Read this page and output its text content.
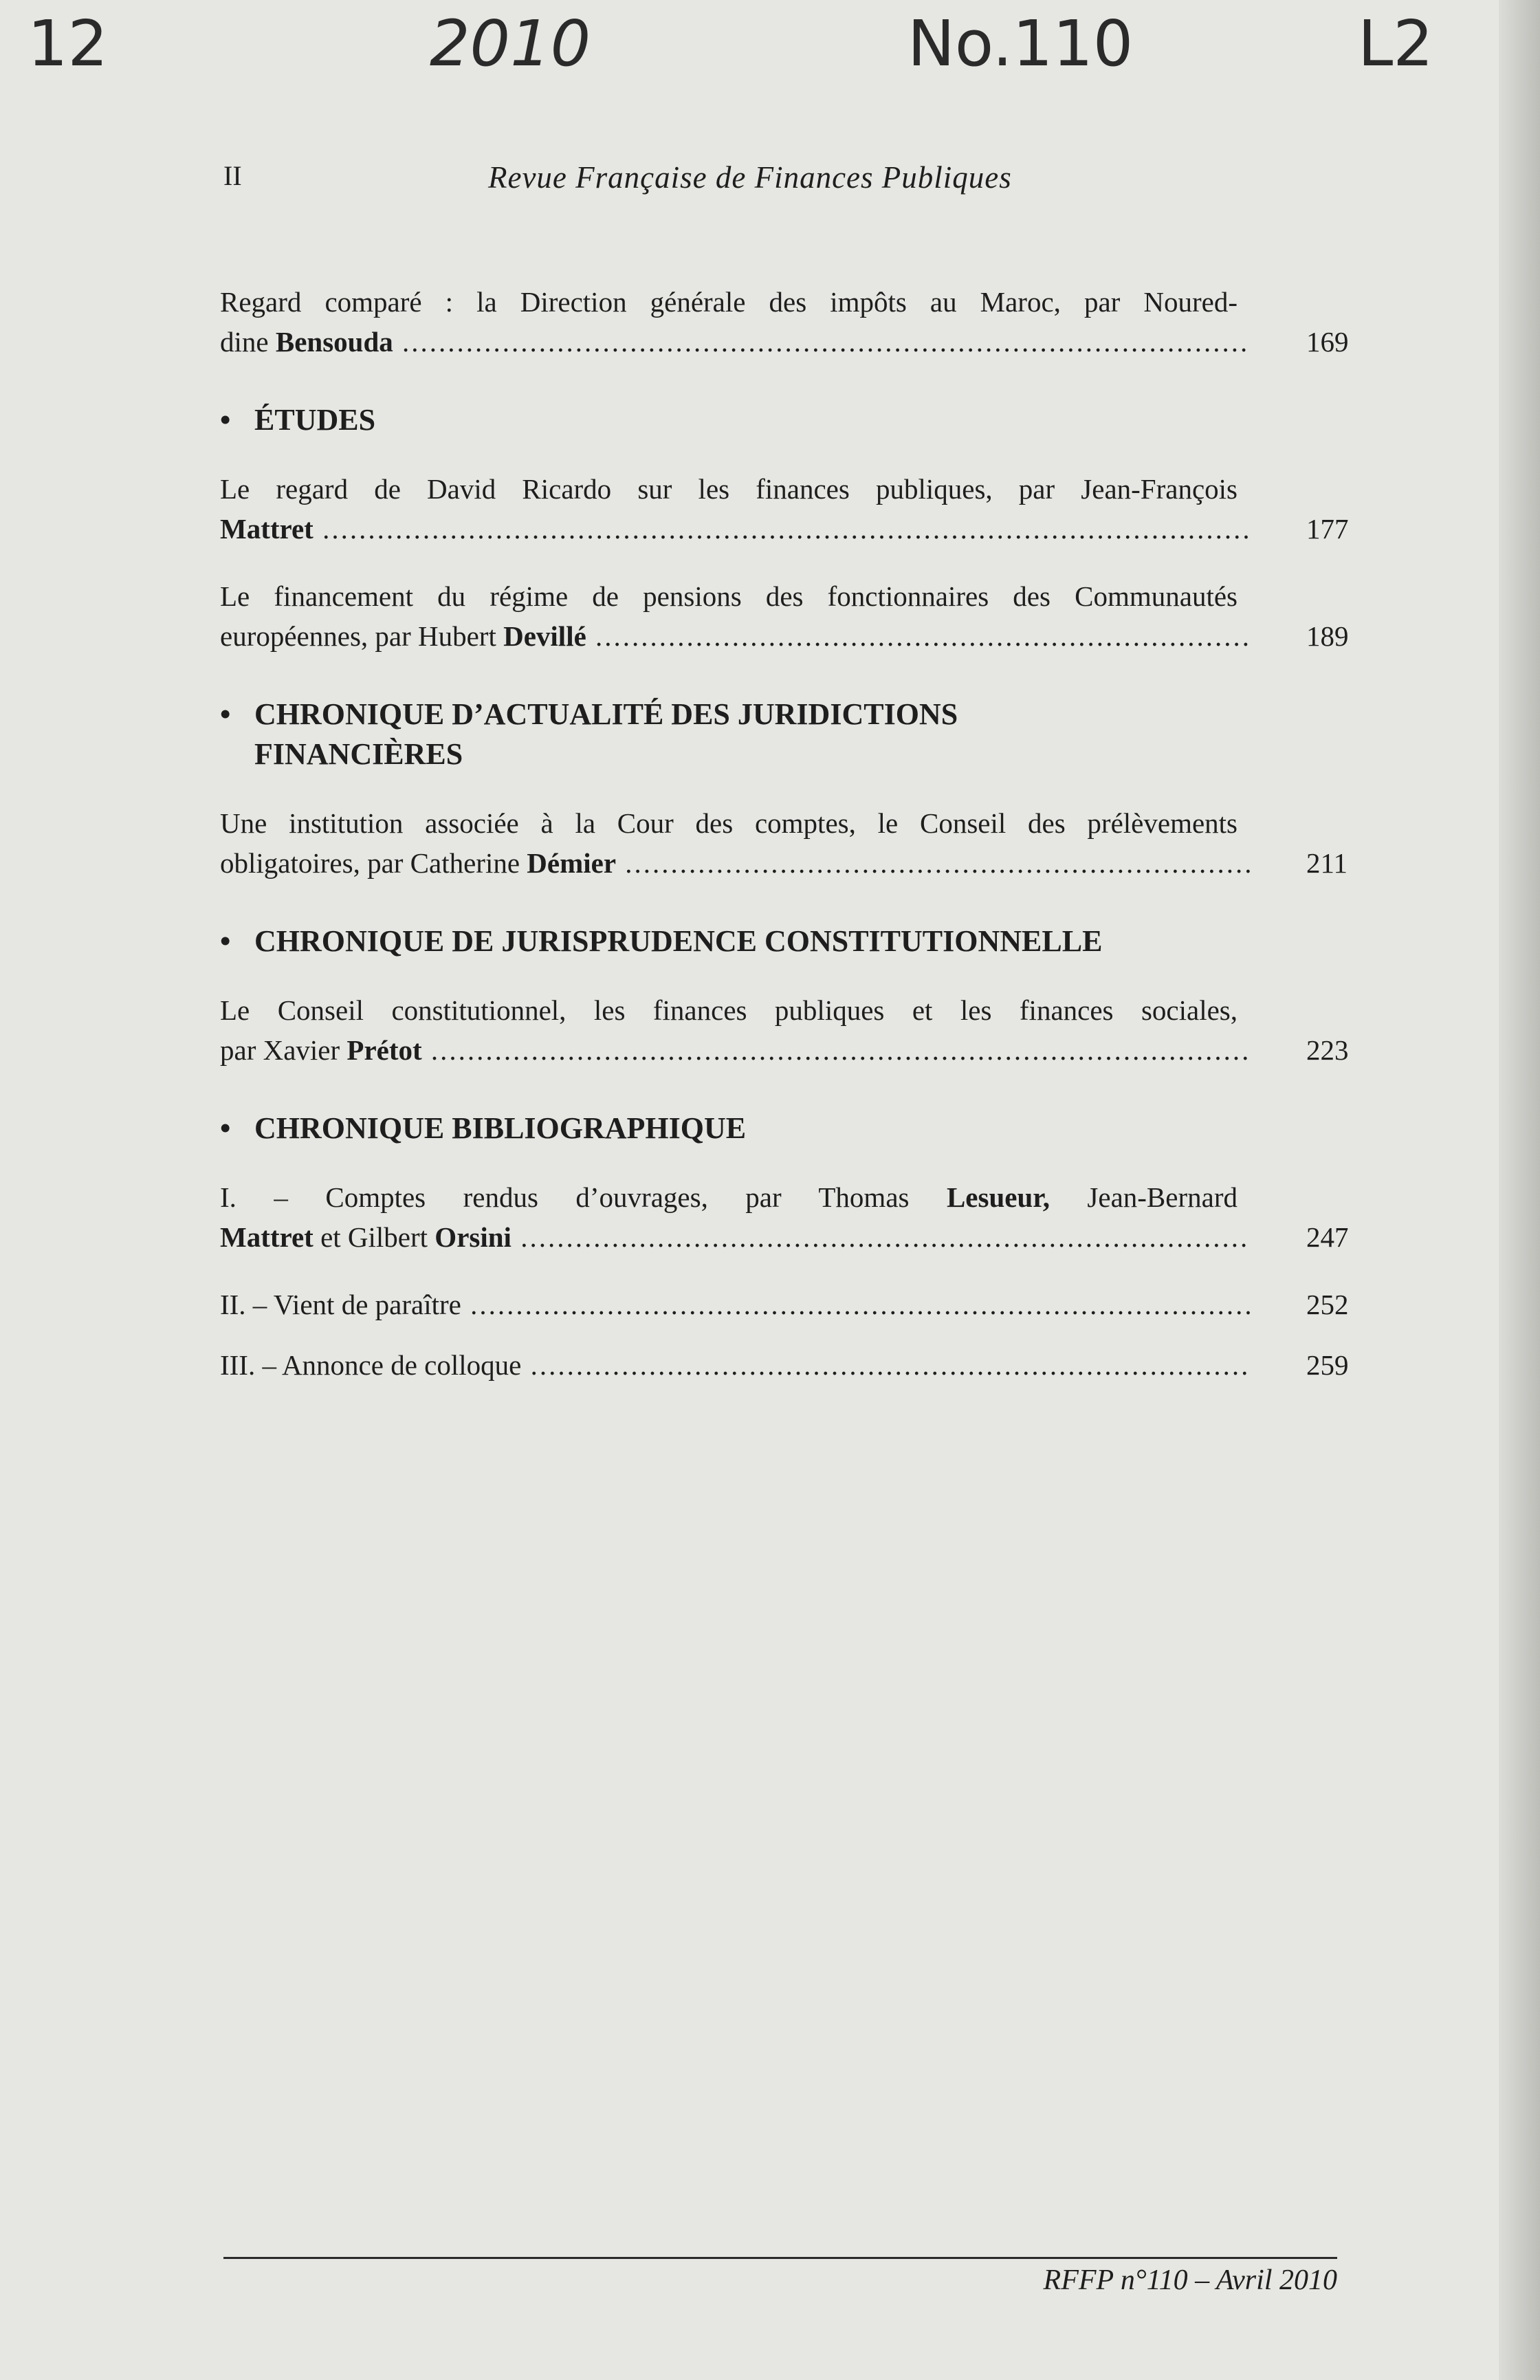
12	2010	No.110	L2
II	Revue Française de Finances Publiques
Regard comparé : la Direction générale des impôts au Maroc, par Noured-
dine Bensouda .....	169
• ÉTUDES
Le regard de David Ricardo sur les finances publiques, par Jean-François
Mattret .....	177
Le financement du régime de pensions des fonctionnaires des Communautés
européennes, par Hubert Devillé .....	189
• CHRONIQUE D’ACTUALITÉ DES JURIDICTIONS
FINANCIÈRES
Une institution associée à la Cour des comptes, le Conseil des prélèvements
obligatoires, par Catherine Démier .....	211
• CHRONIQUE DE JURISPRUDENCE CONSTITUTIONNELLE
Le Conseil constitutionnel, les finances publiques et les finances sociales,
par Xavier Prétot .....	223
• CHRONIQUE BIBLIOGRAPHIQUE
I. – Comptes rendus d’ouvrages, par Thomas Lesueur, Jean-Bernard
Mattret et Gilbert Orsini .....	247
II. – Vient de paraître .....	252
III. – Annonce de colloque .....	259
RFFP n°110 – Avril 2010
